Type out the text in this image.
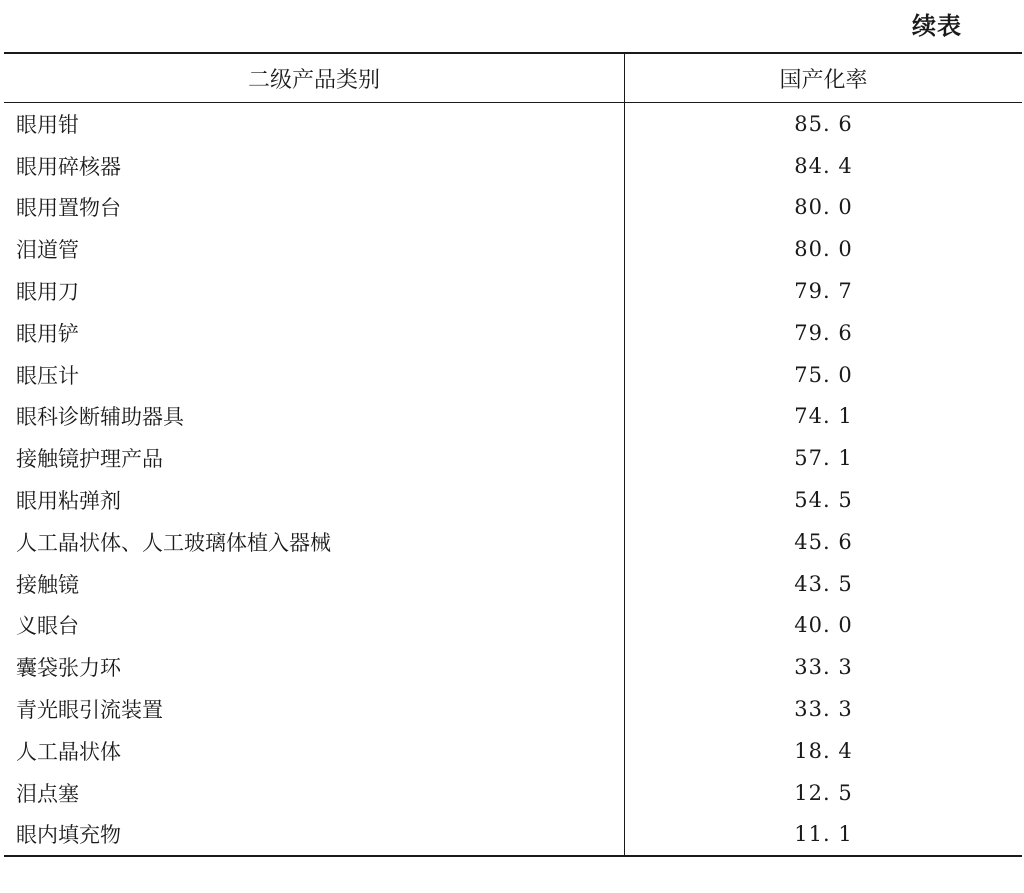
续表
二级产品类别	国产化率
眼用钳	85. 6
眼用碎核器	84. 4
眼用置物台	80. 0
泪道管	80. 0
眼用刀	79. 7
眼用铲	79. 6
眼压计	75. 0
眼科诊断辅助器具	74. 1
接触镜护理产品	57. 1
眼用粘弹剂	54. 5
人工晶状体、人工玻璃体植入器械	45. 6
接触镜	43. 5
义眼台	40. 0
囊袋张力环	33. 3
青光眼引流装置	33. 3
人工晶状体	18. 4
泪点塞	12. 5
眼内填充物	11. 1
